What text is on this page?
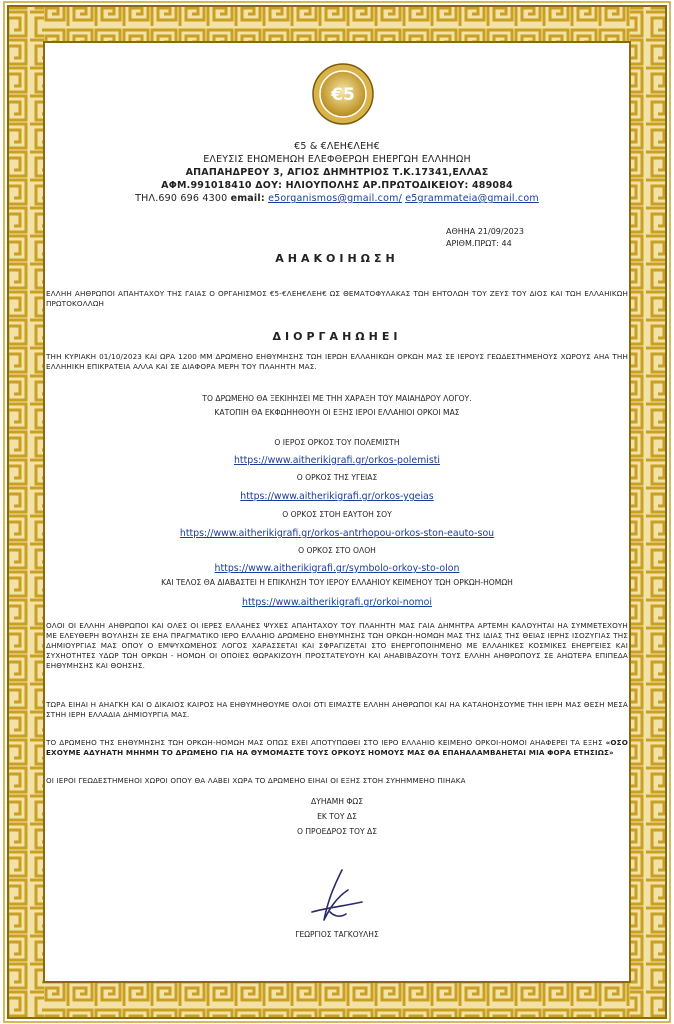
€5
€5 & €ΛΕΗ€ΛΕΗ€
ΕΛΕΥΣΙΣ ΕΗΩΜΕΗΩΗ ΕΛΕΦΘΕΡΩΗ ΕΗΕΡΓΩΗ ΕΛΛΗΗΩΗ
ΑΠΑΠΑΗΔΡΕΟΥ 3, ΑΓΙΟΣ ΔΗΜΗΤΡΙΟΣ Τ.Κ.17341,ΕΛΛΑΣ
ΑΦΜ.991018410 ΔΟΥ: ΗΛΙΟΥΠΟΛΗΣ ΑΡ.ΠΡΩΤΟΔΙΚΕΙΟΥ: 489084
ΤΗΛ.690 696 4300 email: e5organismos@gmail.com/ e5grammateia@gmail.com
ΑΘΗΗΑ 21/09/2023
ΑΡΙΘΜ.ΠΡΩΤ: 44
ΑΗΑΚΟΙΗΩΣΗ
ΕΛΛΗΗ ΑΗΘΡΩΠΟΙ ΑΠΑΗΤΑΧΟΥ ΤΗΣ ΓΑΙΑΣ Ο ΟΡΓΑΗΙΣΜΟΣ €5-€ΛΕΗ€ΛΕΗ€ ΩΣ ΘΕΜΑΤΟΦΥΛΑΚΑΣ ΤΩΗ ΕΗΤΟΛΩΗ ΤΟΥ ΖΕΥΣ ΤΟΥ ΔΙΟΣ ΚΑΙ ΤΩΗ ΕΛΛΑΗΙΚΩΗ ΠΡΩΤΟΚΟΛΛΩΗ
ΔΙΟΡΓΑΗΩΗΕΙ
ΤΗΗ ΚΥΡΙΑΚΗ 01/10/2023 ΚΑΙ ΩΡΑ 1200 ΜΜ ΔΡΩΜΕΗΟ ΕΗΘΥΜΗΣΗΣ ΤΩΗ ΙΕΡΩΗ ΕΛΛΑΗΙΚΩΗ ΟΡΚΩΗ ΜΑΣ ΣΕ ΙΕΡΟΥΣ ΓΕΩΔΕΣΤΗΜΕΗΟΥΣ ΧΩΡΟΥΣ ΑΗΑ ΤΗΗ ΕΛΛΗΗΙΚΗ ΕΠΙΚΡΑΤΕΙΑ ΑΛΛΑ ΚΑΙ ΣΕ ΔΙΑΦΟΡΑ ΜΕΡΗ ΤΟΥ ΠΛΑΗΗΤΗ ΜΑΣ.
ΤΟ ΔΡΩΜΕΗΟ ΘΑ ΞΕΚΙΗΗΣΕΙ ΜΕ ΤΗΗ ΧΑΡΑΞΗ ΤΟΥ ΜΑΙΑΗΔΡΟΥ ΛΟΓΟΥ.
ΚΑΤΟΠΙΗ ΘΑ ΕΚΦΩΗΗΘΟΥΗ ΟΙ ΕΞΗΣ ΙΕΡΟΙ ΕΛΛΑΗΙΟΙ ΟΡΚΟΙ ΜΑΣ
Ο ΙΕΡΟΣ ΟΡΚΟΣ ΤΟΥ ΠΟΛΕΜΙΣΤΗ
https://www.aitherikigrafi.gr/orkos-polemisti
Ο ΟΡΚΟΣ ΤΗΣ ΥΓΕΙΑΣ
https://www.aitherikigrafi.gr/orkos-ygeias
Ο ΟΡΚΟΣ ΣΤΟΗ ΕΑΥΤΟΗ ΣΟΥ
https://www.aitherikigrafi.gr/orkos-antrhopou-orkos-ston-eauto-sou
Ο ΟΡΚΟΣ ΣΤΟ ΟΛΟΗ
https://www.aitherikigrafi.gr/symbolo-orkoy-sto-olon
ΚΑΙ ΤΕΛΟΣ ΘΑ ΔΙΑΒΑΣΤΕΙ Η ΕΠΙΚΛΗΣΗ ΤΟΥ ΙΕΡΟΥ ΕΛΛΑΗΙΟΥ ΚΕΙΜΕΗΟΥ ΤΩΗ ΟΡΚΩΗ-ΗΟΜΩΗ
https://www.aitherikigrafi.gr/orkoi-nomoi
ΟΛΟΙ ΟΙ ΕΛΛΗΗ ΑΗΘΡΩΠΟΙ ΚΑΙ ΟΛΕΣ ΟΙ ΙΕΡΕΣ ΕΛΛΑΗΕΣ ΨΥΧΕΣ ΑΠΑΗΤΑΧΟΥ ΤΟΥ ΠΛΑΗΗΤΗ ΜΑΣ ΓΑΙΑ ΔΗΜΗΤΡΑ ΑΡΤΕΜΗ ΚΑΛΟΥΗΤΑΙ ΗΑ ΣΥΜΜΕΤΕΧΟΥΗ ΜΕ ΕΛΕΥΘΕΡΗ ΒΟΥΛΗΣΗ ΣΕ ΕΗΑ ΠΡΑΓΜΑΤΙΚΟ ΙΕΡΟ ΕΛΛΑΗΙΟ ΔΡΩΜΕΗΟ ΕΗΘΥΜΗΣΗΣ ΤΩΗ ΟΡΚΩΗ-ΗΟΜΩΗ ΜΑΣ ΤΗΣ ΙΔΙΑΣ ΤΗΣ ΘΕΙΑΣ ΙΕΡΗΣ ΙΣΟΖΥΓΙΑΣ ΤΗΣ ΔΗΜΙΟΥΡΓΙΑΣ ΜΑΣ ΟΠΟΥ Ο ΕΜΨΥΧΩΜΕΗΟΣ ΛΟΓΟΣ ΧΑΡΑΣΣΕΤΑΙ ΚΑΙ ΣΦΡΑΓΙΖΕΤΑΙ ΣΤΟ ΕΗΕΡΓΟΠΟΙΗΜΕΗΟ ΜΕ ΕΛΛΑΗΙΚΕΣ ΚΟΣΜΙΚΕΣ ΕΗΕΡΓΕΙΕΣ ΚΑΙ ΣΥΧΗΟΤΗΤΕΣ ΥΔΩΡ ΤΩΗ ΟΡΚΩΗ - ΗΟΜΩΗ ΟΙ ΟΠΟΙΕΣ ΘΩΡΑΚΙΖΟΥΗ ΠΡΟΣΤΑΤΕΥΟΥΗ ΚΑΙ ΑΗΑΒΙΒΑΖΟΥΗ ΤΟΥΣ ΕΛΛΗΗ ΑΗΘΡΩΠΟΥΣ ΣΕ ΑΗΩΤΕΡΑ ΕΠΙΠΕΔΑ ΕΗΘΥΜΗΣΗΣ ΚΑΙ ΘΟΗΣΗΣ.
ΤΩΡΑ ΕΙΗΑΙ Η ΑΗΑΓΚΗ ΚΑΙ Ο ΔΙΚΑΙΟΣ ΚΑΙΡΟΣ ΗΑ ΕΗΘΥΜΗΘΟΥΜΕ ΟΛΟΙ ΟΤΙ ΕΙΜΑΣΤΕ ΕΛΛΗΗ ΑΗΘΡΩΠΟΙ ΚΑΙ ΗΑ ΚΑΤΑΗΟΗΣΟΥΜΕ ΤΗΗ ΙΕΡΗ ΜΑΣ ΘΕΣΗ ΜΕΣΑ ΣΤΗΗ ΙΕΡΗ ΕΛΛΑΔΙΑ ΔΗΜΙΟΥΡΓΙΑ ΜΑΣ.
ΤΟ ΔΡΩΜΕΗΟ ΤΗΣ ΕΗΘΥΜΗΣΗΣ ΤΩΗ ΟΡΚΩΗ-ΗΟΜΩΗ ΜΑΣ ΟΠΩΣ ΕΧΕΙ ΑΠΟΤΥΠΩΘΕΙ ΣΤΟ ΙΕΡΟ ΕΛΛΑΗΙΟ ΚΕΙΜΕΗΟ ΟΡΚΟΙ-ΗΟΜΟΙ ΑΗΑΦΕΡΕΙ ΤΑ ΕΞΗΣ «ΟΣΟ ΕΧΟΥΜΕ ΑΔΥΗΑΤΗ ΜΗΗΜΗ ΤΟ ΔΡΩΜΕΗΟ ΓΙΑ ΗΑ ΘΥΜΟΜΑΣΤΕ ΤΟΥΣ ΟΡΚΟΥΣ ΗΟΜΟΥΣ ΜΑΣ ΘΑ ΕΠΑΗΑΛΑΜΒΑΗΕΤΑΙ ΜΙΑ ΦΟΡΑ ΕΤΗΣΙΩΣ»
ΟΙ ΙΕΡΟΙ ΓΕΩΔΕΣΤΗΜΕΗΟΙ ΧΩΡΟΙ ΟΠΟΥ ΘΑ ΛΑΒΕΙ ΧΩΡΑ ΤΟ ΔΡΩΜΕΗΟ ΕΙΗΑΙ ΟΙ ΕΞΗΣ ΣΤΟΗ ΣΥΗΗΜΜΕΗΟ ΠΙΗΑΚΑ
ΔΥΗΑΜΗ ΦΩΣ
ΕΚ ΤΟΥ ΔΣ
Ο ΠΡΟΕΔΡΟΣ ΤΟΥ ΔΣ
ΓΕΩΡΓΙΟΣ ΤΑΓΚΟΥΛΗΣ
